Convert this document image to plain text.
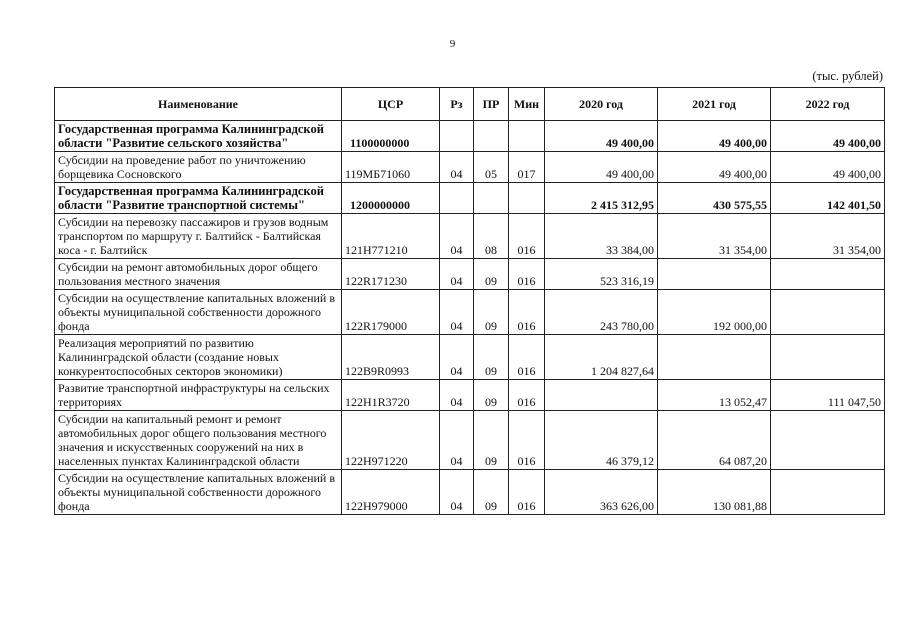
9
(тыс. рублей)
Наименование	ЦСР	Рз	ПР	Мин	2020 год	2021 год	2022 год
Государственная программа Калининградской области "Развитие сельского хозяйства"	1100000000				49 400,00	49 400,00	49 400,00
Субсидии на проведение работ по уничтожению борщевика Сосновского	119МБ71060	04	05	017	49 400,00	49 400,00	49 400,00
Государственная программа Калининградской области "Развитие транспортной системы"	1200000000				2 415 312,95	430 575,55	142 401,50
Субсидии на перевозку пассажиров и грузов водным транспортом по маршруту г. Балтийск - Балтийская коса - г. Балтийск	121Н771210	04	08	016	33 384,00	31 354,00	31 354,00
Субсидии на ремонт автомобильных дорог общего пользования местного значения	122R171230	04	09	016	523 316,19		
Субсидии на осуществление капитальных вложений в объекты муниципальной собственности дорожного фонда	122R179000	04	09	016	243 780,00	192 000,00	
Реализация мероприятий по развитию Калининградской области (создание новых конкурентоспособных секторов экономики)	122В9R0993	04	09	016	1 204 827,64		
Развитие транспортной инфраструктуры на сельских территориях	122Н1R3720	04	09	016		13 052,47	111 047,50
Субсидии на капитальный ремонт и ремонт автомобильных дорог общего пользования местного значения и искусственных сооружений на них в населенных пунктах Калининградской области	122Н971220	04	09	016	46 379,12	64 087,20	
Субсидии на осуществление капитальных вложений в объекты муниципальной собственности дорожного фонда	122Н979000	04	09	016	363 626,00	130 081,88	
